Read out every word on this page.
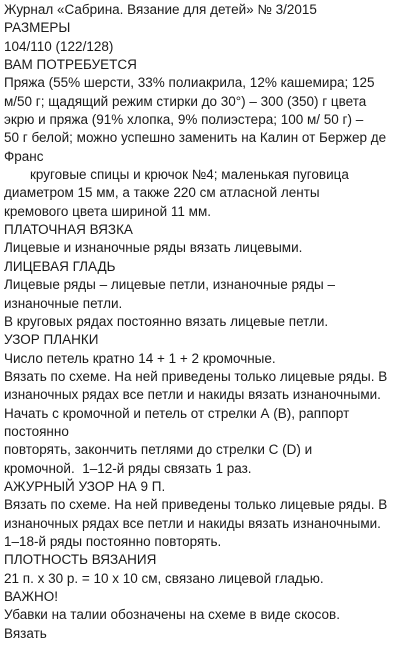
Журнал «Сабрина. Вязание для детей» № 3/2015
РАЗМЕРЫ
104/110 (122/128)
ВАМ ПОТРЕБУЕТСЯ
Пряжа (55% шерсти, 33% полиакрила, 12% кашемира; 125
м/50 г; щадящий режим стирки до 30°) – 300 (350) г цвета
экрю и пряжа (91% хлопка, 9% полиэстера; 100 м/ 50 г) –
50 г белой; можно успешно заменить на Калин от Бержер де
Франс
круговые спицы и крючок №4; маленькая пуговица
диаметром 15 мм, а также 220 см атласной ленты
кремового цвета шириной 11 мм.
ПЛАТОЧНАЯ ВЯЗКА
Лицевые и изнаночные ряды вязать лицевыми.
ЛИЦЕВАЯ ГЛАДЬ
Лицевые ряды – лицевые петли, изнаночные ряды –
изнаночные петли.
В круговых рядах постоянно вязать лицевые петли.
УЗОР ПЛАНКИ
Число петель кратно 14 + 1 + 2 кромочные.
Вязать по схеме. На ней приведены только лицевые ряды. В
изнаночных рядах все петли и накиды вязать изнаночными.
Начать с кромочной и петель от стрелки А (В), раппорт
постоянно
повторять, закончить петлями до стрелки С (D) и
кромочной.  1–12-й ряды связать 1 раз.
АЖУРНЫЙ УЗОР НА 9 П.
Вязать по схеме. На ней приведены только лицевые ряды. В
изнаночных рядах все петли и накиды вязать изнаночными.
1–18-й ряды постоянно повторять.
ПЛОТНОСТЬ ВЯЗАНИЯ
21 п. х 30 р. = 10 х 10 см, связано лицевой гладью.
ВАЖНО!
Убавки на талии обозначены на схеме в виде скосов.
Вязать
